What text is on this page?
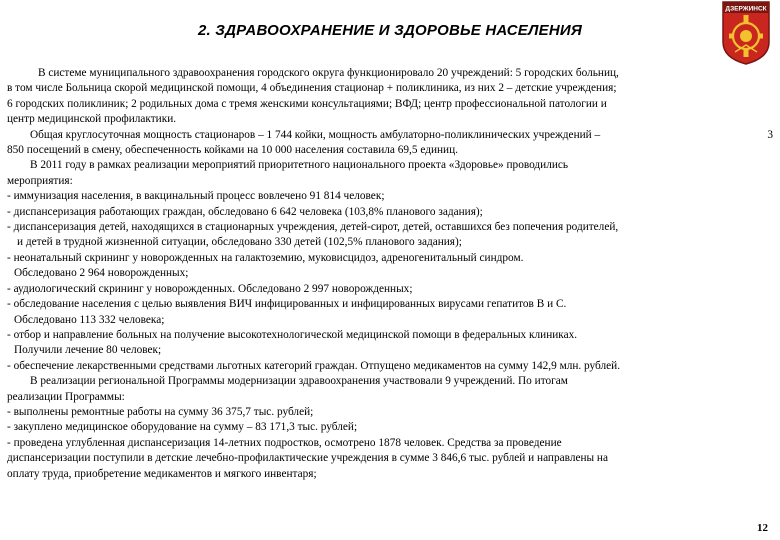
2. ЗДРАВООХРАНЕНИЕ И ЗДОРОВЬЕ НАСЕЛЕНИЯ
ДЗЕРЖИНСК
В системе муниципального здравоохранения городского округа функционировало 20 учреждений: 5 городских больниц,
в том числе Больница скорой медицинской помощи, 4 объединения стационар + поликлиника, из них 2 – детские учреждения;
6 городских поликлиник; 2 родильных дома с тремя женскими консультациями; ВФД; центр профессиональной патологии и
центр медицинской профилактики.
Общая круглосуточная мощность стационаров – 1 744 койки, мощность амбулаторно-поликлинических учреждений –	3
850 посещений в смену, обеспеченность койками на 10 000 населения составила 69,5 единиц.
В 2011 году в рамках реализации мероприятий приоритетного национального проекта «Здоровье» проводились
мероприятия:
- иммунизация населения, в вакцинальный процесс вовлечено 91 814 человек;
- диспансеризация работающих граждан, обследовано 6 642 человека (103,8% планового задания);
- диспансеризация детей, находящихся в стационарных учреждения, детей-сирот, детей, оставшихся без попечения родителей,
и детей в трудной жизненной ситуации, обследовано 330 детей (102,5% планового задания);
- неонатальный скрининг у новорожденных на галактоземию, муковисцидоз, адреногенитальный синдром.
Обследовано 2 964 новорожденных;
- аудиологический скрининг у новорожденных. Обследовано 2 997 новорожденных;
- обследование населения с целью выявления ВИЧ инфицированных и инфицированных вирусами гепатитов В и С.
Обследовано 113 332 человека;
- отбор и направление больных на получение высокотехнологической медицинской помощи в федеральных клиниках.
Получили лечение 80 человек;
- обеспечение лекарственными средствами льготных категорий граждан. Отпущено медикаментов на сумму 142,9 млн. рублей.
В реализации региональной Программы модернизации здравоохранения участвовали 9 учреждений. По итогам
реализации Программы:
- выполнены ремонтные работы на сумму 36 375,7 тыс. рублей;
- закуплено медицинское оборудование на сумму – 83 171,3 тыс. рублей;
- проведена углубленная диспансеризация 14-летних подростков, осмотрено 1878 человек. Средства за проведение
диспансеризации поступили в детские лечебно-профилактические учреждения в сумме 3 846,6 тыс. рублей и направлены на
оплату труда, приобретение медикаментов и мягкого инвентаря;
12
